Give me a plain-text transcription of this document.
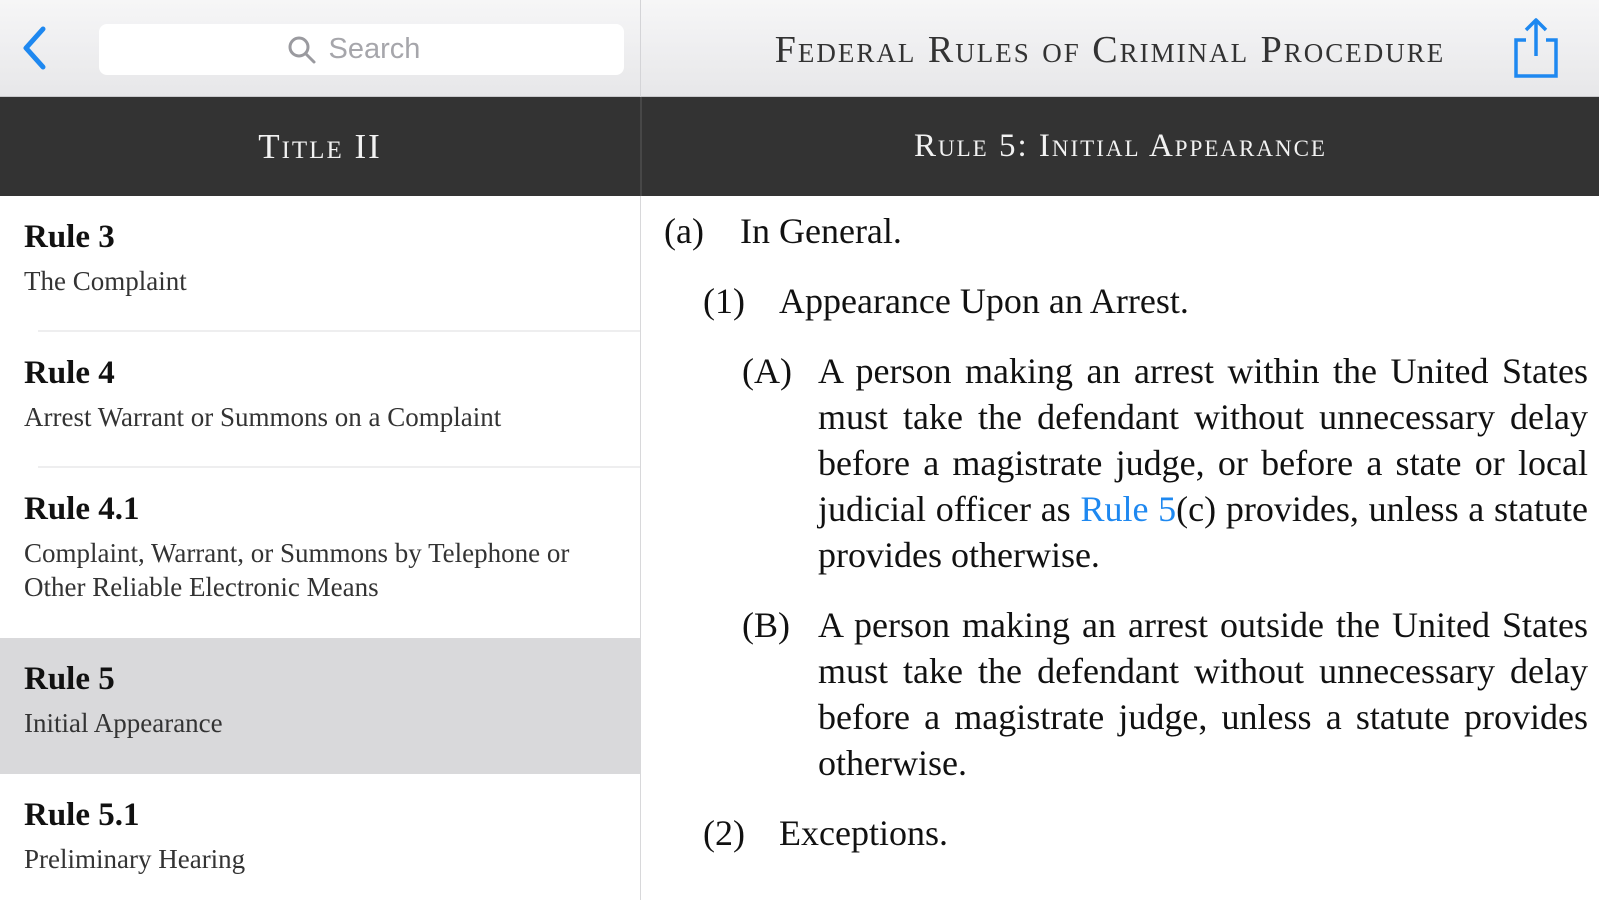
Search
Federal Rules of Criminal Procedure
Title II	Rule 5: Initial Appearance
Rule 3
The Complaint
Rule 4
Arrest Warrant or Summons on a Complaint
Rule 4.1
Complaint, Warrant, or Summons by Telephone or Other Reliable Electronic Means
Rule 5
Initial Appearance
Rule 5.1
Preliminary Hearing
(a)	In General.
(1) Appearance Upon an Arrest.
(A) A person making an arrest within the United States must take the defendant without unnecessary delay before a magistrate judge, or before a state or local judicial officer as Rule 5(c) provides, unless a statute provides otherwise.
(B) A person making an arrest outside the United States must take the defendant without unnecessary delay before a magistrate judge, unless a statute provides otherwise.
(2) Exceptions.
